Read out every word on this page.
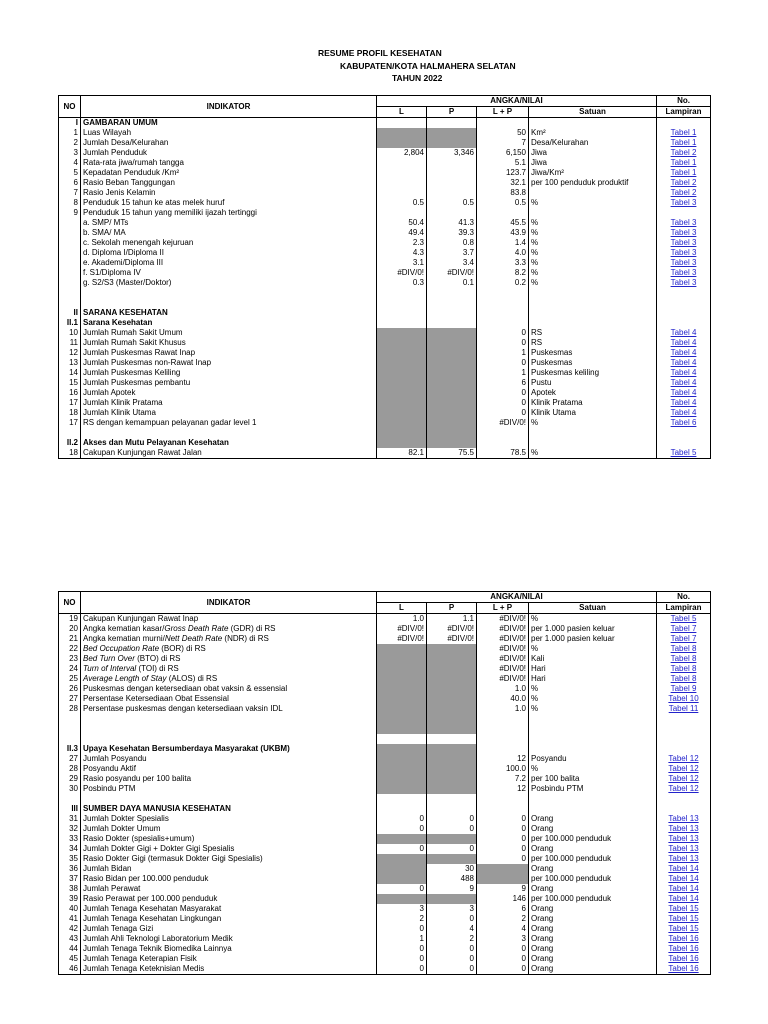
RESUME PROFIL KESEHATAN
KABUPATEN/KOTA HALMAHERA SELATAN
TAHUN 2022
NO	INDIKATOR	ANGKA/NILAI				No.
		L	P	L + P	Satuan	Lampiran
I	GAMBARAN UMUM					
1	Luas Wilayah			50	Km²	Tabel 1
2	Jumlah Desa/Kelurahan			7	Desa/Kelurahan	Tabel 1
3	Jumlah Penduduk	2,804	3,346	6,150	Jiwa	Tabel 2
4	Rata-rata jiwa/rumah tangga			5.1	Jiwa	Tabel 1
5	Kepadatan Penduduk /Km²			123.7	Jiwa/Km²	Tabel 1
6	Rasio Beban Tanggungan			32.1	per 100 penduduk produktif	Tabel 2
7	Rasio Jenis Kelamin			83.8		Tabel 2
8	Penduduk 15 tahun ke atas melek huruf	0.5	0.5	0.5	%	Tabel 3
9	Penduduk 15 tahun yang memiliki ijazah tertinggi					
	a. SMP/ MTs	50.4	41.3	45.5	%	Tabel 3
	b. SMA/ MA	49.4	39.3	43.9	%	Tabel 3
	c. Sekolah menengah kejuruan	2.3	0.8	1.4	%	Tabel 3
	d. Diploma I/Diploma II	4.3	3.7	4.0	%	Tabel 3
	e. Akademi/Diploma III	3.1	3.4	3.3	%	Tabel 3
	f. S1/Diploma IV	#DIV/0!	#DIV/0!	8.2	%	Tabel 3
	g. S2/S3 (Master/Doktor)	0.3	0.1	0.2	%	Tabel 3

II	SARANA KESEHATAN					
II.1	Sarana Kesehatan					
10	Jumlah Rumah Sakit Umum			0	RS	Tabel 4
11	Jumlah Rumah Sakit Khusus			0	RS	Tabel 4
12	Jumlah Puskesmas Rawat Inap			1	Puskesmas	Tabel 4
13	Jumlah Puskesmas non-Rawat Inap			0	Puskesmas	Tabel 4
14	Jumlah Puskesmas Keliling			1	Puskesmas keliling	Tabel 4
15	Jumlah Puskesmas pembantu			6	Pustu	Tabel 4
16	Jumlah Apotek			0	Apotek	Tabel 4
17	Jumlah Klinik Pratama			0	Klinik Pratama	Tabel 4
18	Jumlah Klinik Utama			0	Klinik Utama	Tabel 4
17	RS dengan kemampuan pelayanan gadar level 1			#DIV/0!	%	Tabel 6

II.2	Akses dan Mutu Pelayanan Kesehatan					
18	Cakupan Kunjungan Rawat Jalan	82.1	75.5	78.5	%	Tabel 5
NO	INDIKATOR	ANGKA/NILAI				No.
		L	P	L + P	Satuan	Lampiran
19	Cakupan Kunjungan Rawat Inap	1.0	1.1	#DIV/0!	%	Tabel 5
20	Angka kematian kasar/Gross Death Rate (GDR) di RS	#DIV/0!	#DIV/0!	#DIV/0!	per 1.000 pasien keluar	Tabel 7
21	Angka kematian murni/Nett Death Rate (NDR) di RS	#DIV/0!	#DIV/0!	#DIV/0!	per 1.000 pasien keluar	Tabel 7
22	Bed Occupation Rate (BOR) di RS			#DIV/0!	%	Tabel 8
23	Bed Turn Over (BTO) di RS			#DIV/0!	Kali	Tabel 8
24	Turn of Interval (TOI) di RS			#DIV/0!	Hari	Tabel 8
25	Average Length of Stay (ALOS) di RS			#DIV/0!	Hari	Tabel 8
26	Puskesmas dengan ketersediaan obat vaksin & essensial			1.0	%	Tabel 9
27	Persentase Ketersediaan Obat Essensial			40.0	%	Tabel 10
28	Persentase puskesmas dengan ketersediaan vaksin IDL			1.0	%	Tabel 11

II.3	Upaya Kesehatan Bersumberdaya Masyarakat (UKBM)					
27	Jumlah Posyandu			12	Posyandu	Tabel 12
28	Posyandu Aktif			100.0	%	Tabel 12
29	Rasio posyandu per 100 balita			7.2	per 100 balita	Tabel 12
30	Posbindu PTM			12	Posbindu PTM	Tabel 12

III	SUMBER DAYA MANUSIA KESEHATAN					
31	Jumlah Dokter Spesialis	0	0	0	Orang	Tabel 13
32	Jumlah Dokter Umum	0	0	0	Orang	Tabel 13
33	Rasio Dokter (spesialis+umum)			0	per 100.000 penduduk	Tabel 13
34	Jumlah Dokter Gigi + Dokter Gigi Spesialis	0	0	0	Orang	Tabel 13
35	Rasio Dokter Gigi (termasuk Dokter Gigi Spesialis)			0	per 100.000 penduduk	Tabel 13
36	Jumlah Bidan		30		Orang	Tabel 14
37	Rasio Bidan per 100.000 penduduk		488		per 100.000 penduduk	Tabel 14
38	Jumlah Perawat	0	9	9	Orang	Tabel 14
39	Rasio Perawat per 100.000 penduduk			146	per 100.000 penduduk	Tabel 14
40	Jumlah Tenaga Kesehatan Masyarakat	3	3	6	Orang	Tabel 15
41	Jumlah Tenaga Kesehatan Lingkungan	2	0	2	Orang	Tabel 15
42	Jumlah Tenaga Gizi	0	4	4	Orang	Tabel 15
43	Jumlah Ahli Teknologi Laboratorium Medik	1	2	3	Orang	Tabel 16
44	Jumlah Tenaga Teknik Biomedika Lainnya	0	0	0	Orang	Tabel 16
45	Jumlah Tenaga Keterapian Fisik	0	0	0	Orang	Tabel 16
46	Jumlah Tenaga Keteknisian Medis	0	0	0	Orang	Tabel 16
